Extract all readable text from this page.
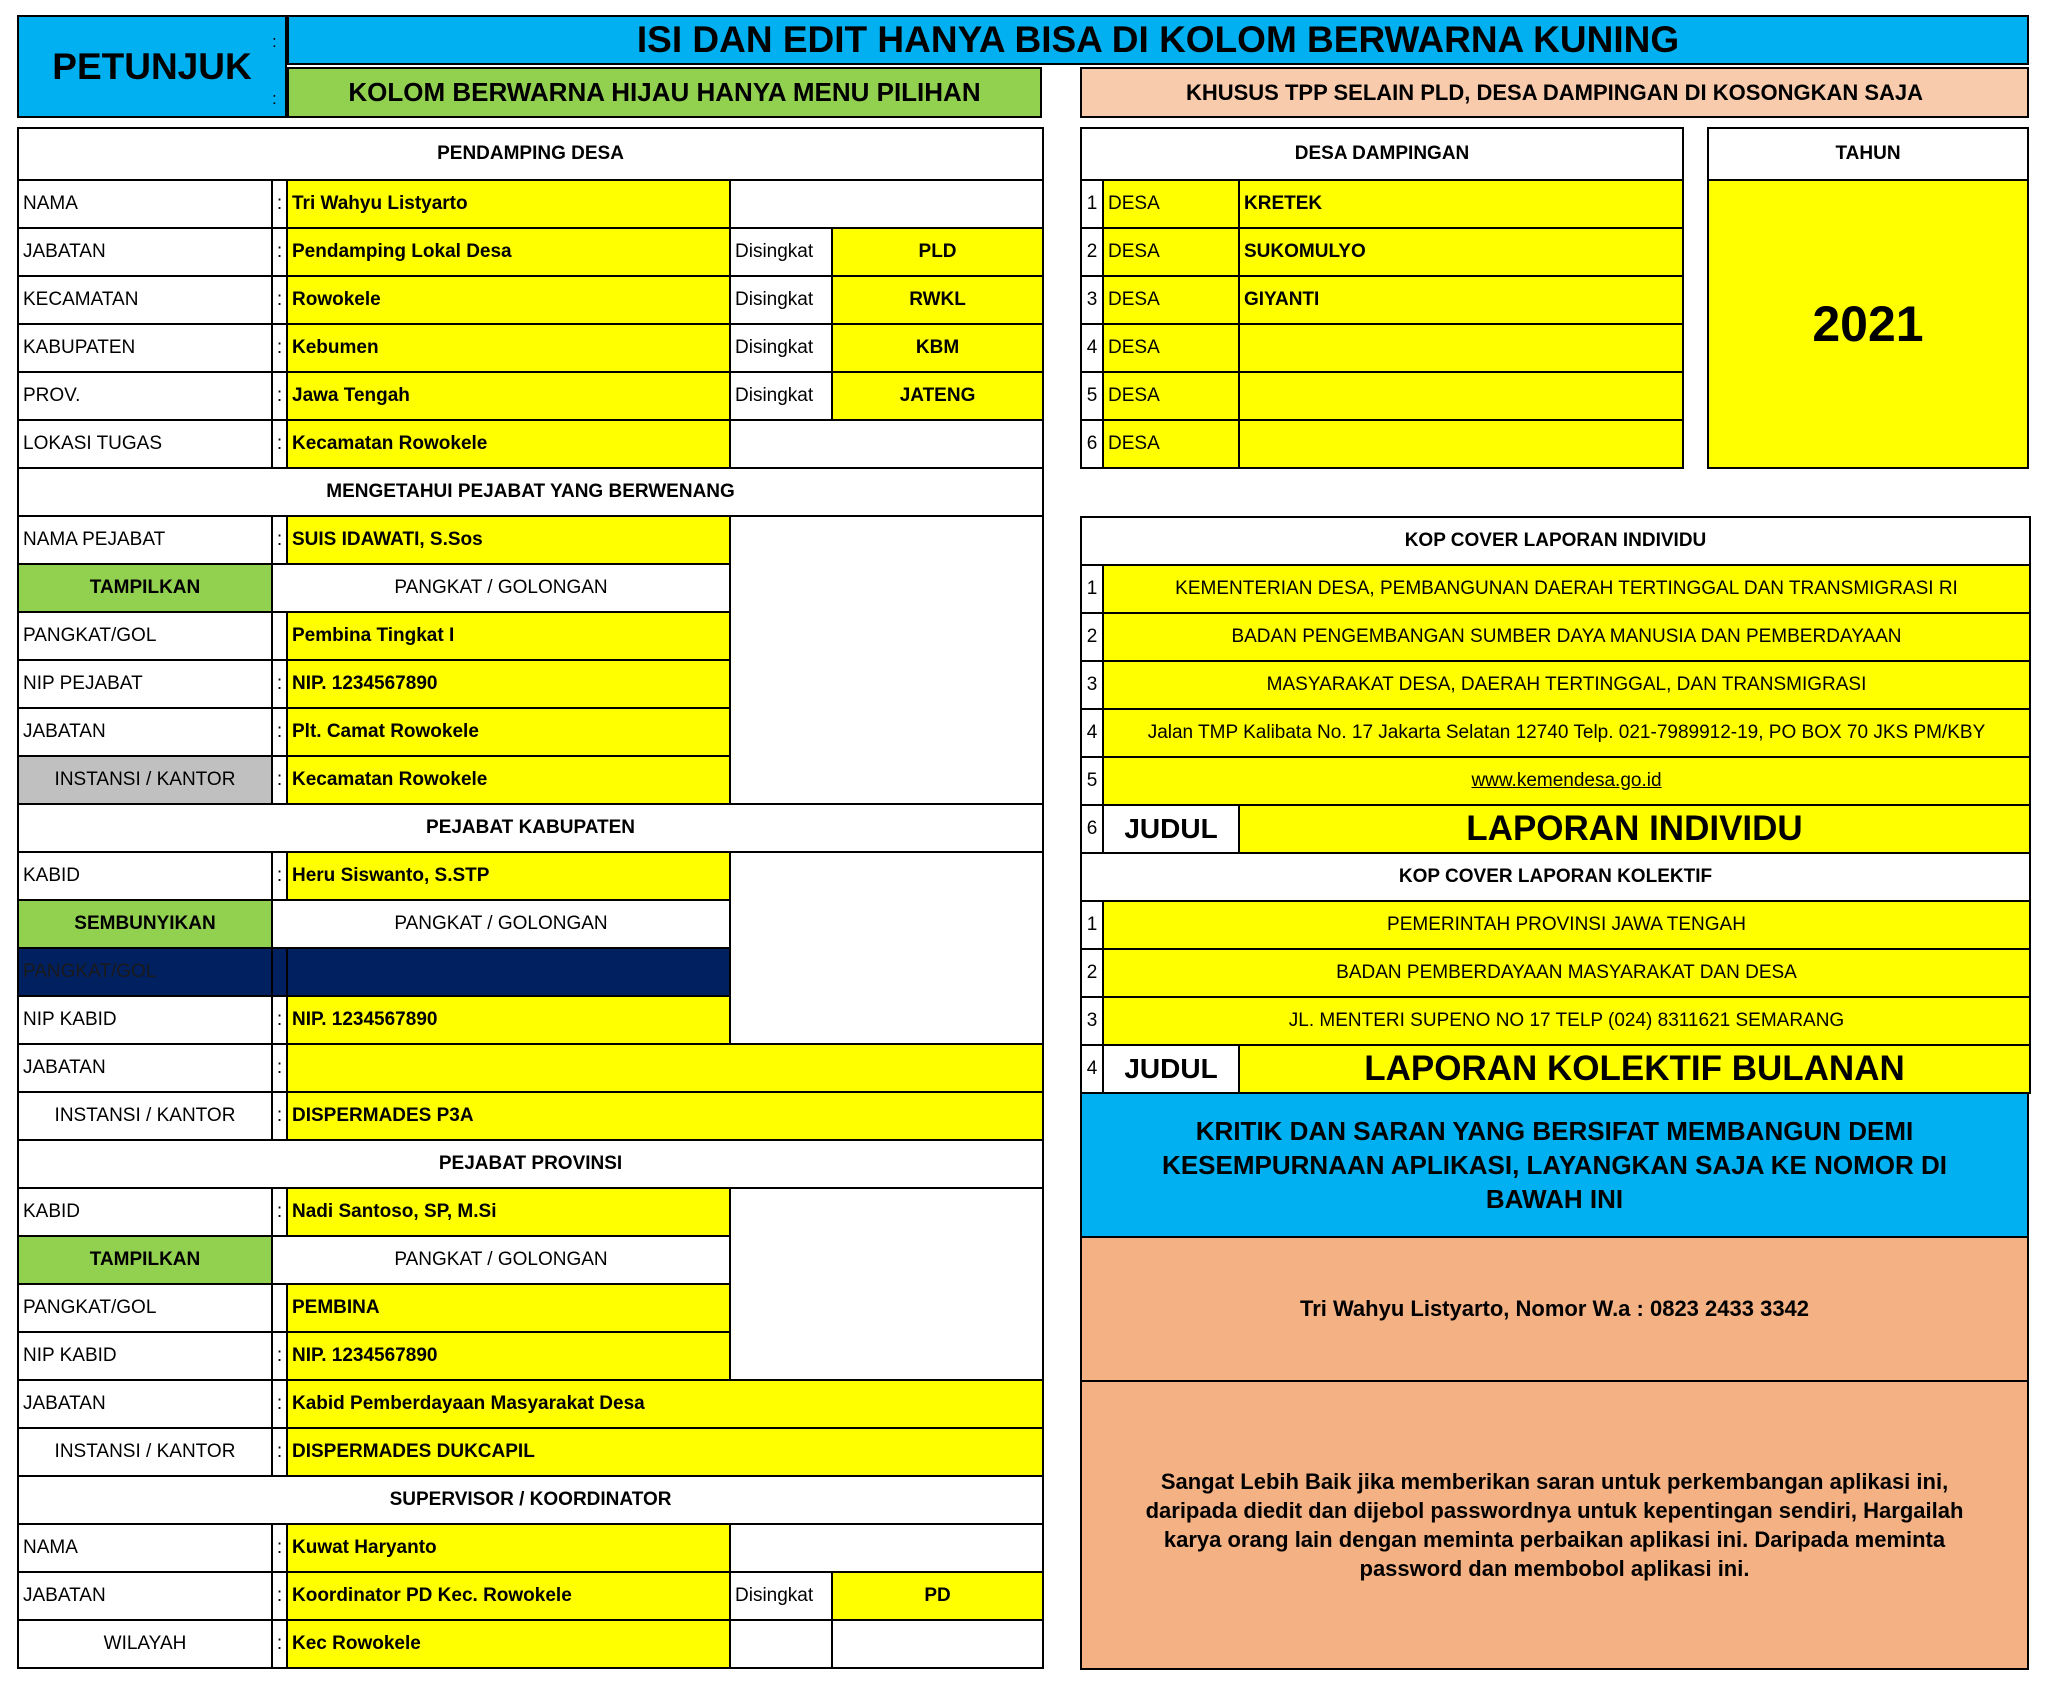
PETUNJUK
:
:
ISI DAN EDIT HANYA BISA DI KOLOM BERWARNA KUNING
KOLOM BERWARNA HIJAU HANYA MENU PILIHAN	KHUSUS TPP SELAIN PLD, DESA DAMPINGAN DI KOSONGKAN SAJA
PENDAMPING DESA				
NAMA	:	Tri Wahyu Listyarto		
JABATAN	:	Pendamping Lokal Desa	Disingkat	PLD
KECAMATAN	:	Rowokele	Disingkat	RWKL
KABUPATEN	:	Kebumen	Disingkat	KBM
PROV.	:	Jawa Tengah	Disingkat	JATENG
LOKASI TUGAS	:	Kecamatan Rowokele		
MENGETAHUI PEJABAT YANG BERWENANG				
NAMA PEJABAT	:	SUIS IDAWATI, S.Sos		
TAMPILKAN	PANGKAT / GOLONGAN			
PANGKAT/GOL		Pembina Tingkat I		
NIP PEJABAT	:	NIP. 1234567890		
JABATAN	:	Plt. Camat Rowokele		
INSTANSI / KANTOR	:	Kecamatan Rowokele		
PEJABAT KABUPATEN				
KABID	:	Heru Siswanto, S.STP		
SEMBUNYIKAN	PANGKAT / GOLONGAN			
PANGKAT/GOL				
NIP KABID	:	NIP. 1234567890		
JABATAN	:			
INSTANSI / KANTOR	:	DISPERMADES P3A		
PEJABAT PROVINSI				
KABID	:	Nadi Santoso, SP, M.Si		
TAMPILKAN	PANGKAT / GOLONGAN			
PANGKAT/GOL		PEMBINA		
NIP KABID	:	NIP. 1234567890		
JABATAN	:	Kabid Pemberdayaan Masyarakat Desa		
INSTANSI / KANTOR	:	DISPERMADES DUKCAPIL		
SUPERVISOR / KOORDINATOR				
NAMA	:	Kuwat Haryanto		
JABATAN	:	Koordinator PD Kec. Rowokele	Disingkat	PD
WILAYAH	:	Kec Rowokele		
DESA DAMPINGAN		
1	DESA	KRETEK
2	DESA	SUKOMULYO
3	DESA	GIYANTI
4	DESA	
5	DESA	
6	DESA	
TAHUN
2021
KOP COVER LAPORAN INDIVIDU		
1	KEMENTERIAN DESA, PEMBANGUNAN DAERAH TERTINGGAL DAN TRANSMIGRASI RI	
2	BADAN PENGEMBANGAN SUMBER DAYA MANUSIA DAN PEMBERDAYAAN	
3	MASYARAKAT DESA, DAERAH TERTINGGAL, DAN TRANSMIGRASI	
4	Jalan TMP Kalibata No. 17 Jakarta Selatan 12740 Telp. 021-7989912-19, PO BOX 70 JKS PM/KBY	
5	www.kemendesa.go.id	
6	JUDUL	LAPORAN INDIVIDU
KOP COVER LAPORAN KOLEKTIF		
1	PEMERINTAH PROVINSI JAWA TENGAH	
2	BADAN PEMBERDAYAAN MASYARAKAT DAN DESA	
3	JL. MENTERI SUPENO NO 17 TELP (024) 8311621 SEMARANG	
4	JUDUL	LAPORAN KOLEKTIF BULANAN
KRITIK DAN SARAN YANG BERSIFAT MEMBANGUN DEMI KESEMPURNAAN APLIKASI, LAYANGKAN SAJA KE NOMOR DI BAWAH INI
Tri Wahyu Listyarto, Nomor W.a : 0823 2433 3342
Sangat Lebih Baik jika memberikan saran untuk perkembangan aplikasi ini, daripada diedit dan dijebol passwordnya untuk kepentingan sendiri, Hargailah karya orang lain dengan meminta perbaikan aplikasi ini. Daripada meminta password dan membobol aplikasi ini.
